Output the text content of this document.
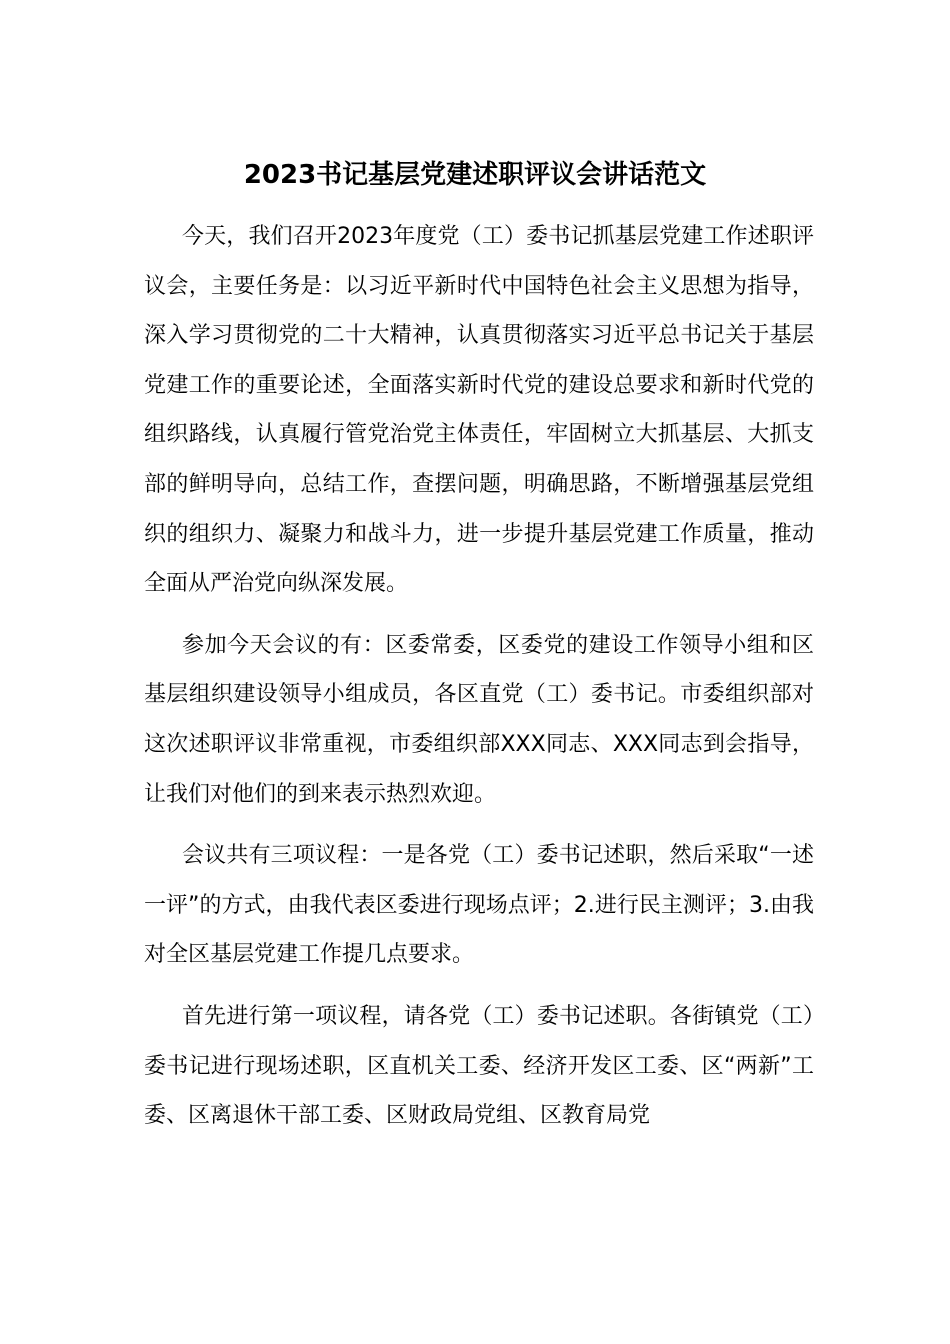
2023书记基层党建述职评议会讲话范文

今天，我们召开2023年度党（工）委书记抓基层党建工作述职评议会，主要任务是：以习近平新时代中国特色社会主义思想为指导，深入学习贯彻党的二十大精神，认真贯彻落实习近平总书记关于基层党建工作的重要论述，全面落实新时代党的建设总要求和新时代党的组织路线，认真履行管党治党主体责任，牢固树立大抓基层、大抓支部的鲜明导向，总结工作，查摆问题，明确思路，不断增强基层党组织的组织力、凝聚力和战斗力，进一步提升基层党建工作质量，推动全面从严治党向纵深发展。

参加今天会议的有：区委常委，区委党的建设工作领导小组和区基层组织建设领导小组成员，各区直党（工）委书记。市委组织部对这次述职评议非常重视，市委组织部XXX同志、XXX同志到会指导，让我们对他们的到来表示热烈欢迎。

会议共有三项议程：一是各党（工）委书记述职，然后采取“一述一评”的方式，由我代表区委进行现场点评；2.进行民主测评；3.由我对全区基层党建工作提几点要求。

首先进行第一项议程，请各党（工）委书记述职。各街镇党（工）委书记进行现场述职，区直机关工委、经济开发区工委、区“两新”工委、区离退休干部工委、区财政局党组、区教育局党
